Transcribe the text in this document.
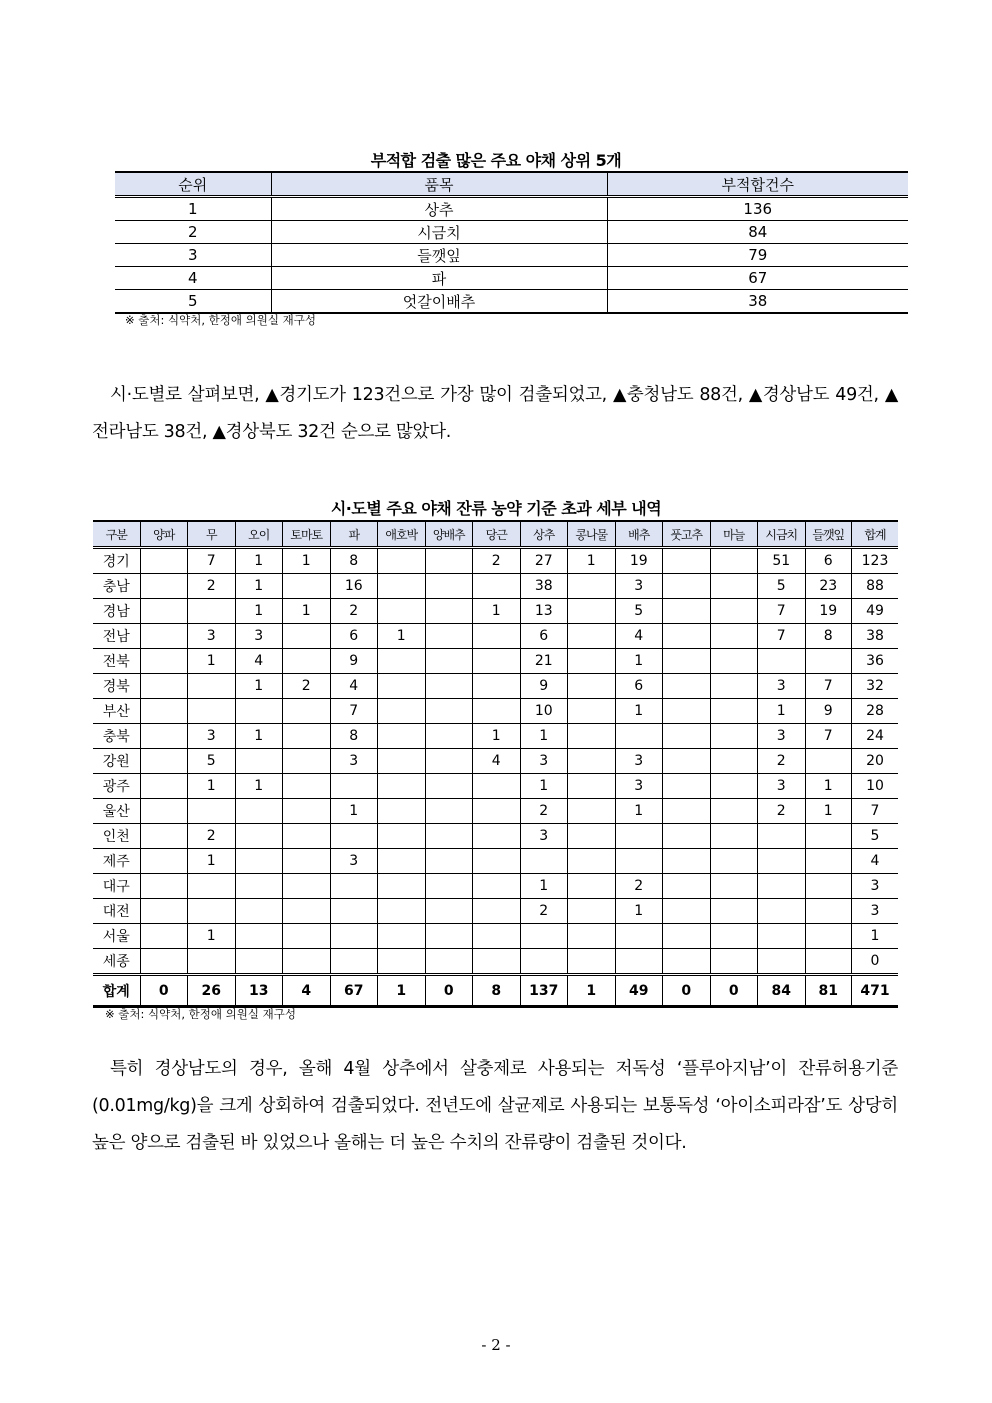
부적합 검출 많은 주요 야채 상위 5개
순위	품목	부적합건수
1	상추	136
2	시금치	84
3	들깻잎	79
4	파	67
5	엇갈이배추	38
※ 출처: 식약처, 한정애 의원실 재구성

시·도별로 살펴보면, ▲경기도가 123건으로 가장 많이 검출되었고, ▲충청남도 88건, ▲경상남도 49건, ▲전라남도 38건, ▲경상북도 32건 순으로 많았다.

시·도별 주요 야채 잔류 농약 기준 초과 세부 내역
구분	양파	무	오이	토마토	파	애호박	양배추	당근	상추	콩나물	배추	풋고추	마늘	시금치	들깻잎	합계
경기		7	1	1	8			2	27	1	19			51	6	123
충남		2	1		16				38		3			5	23	88
경남			1	1	2			1	13		5			7	19	49
전남		3	3		6	1			6		4			7	8	38
전북		1	4		9				21		1					36
경북			1	2	4				9		6			3	7	32
부산					7				10		1			1	9	28
충북		3	1		8			1	1					3	7	24
강원		5			3			4	3		3			2		20
광주		1	1						1		3			3	1	10
울산					1				2		1			2	1	7
인천		2							3							5
제주		1			3											4
대구									1		2					3
대전									2		1					3
서울		1														1
세종																0
합계	0	26	13	4	67	1	0	8	137	1	49	0	0	84	81	471
※ 출처: 식약처, 한정애 의원실 재구성

특히 경상남도의 경우, 올해 4월 상추에서 살충제로 사용되는 저독성 ‘플루아지남’이 잔류허용기준(0.01mg/kg)을 크게 상회하여 검출되었다. 전년도에 살균제로 사용되는 보통독성 ‘아이소피라잠’도 상당히 높은 양으로 검출된 바 있었으나 올해는 더 높은 수치의 잔류량이 검출된 것이다.

- 2 -
